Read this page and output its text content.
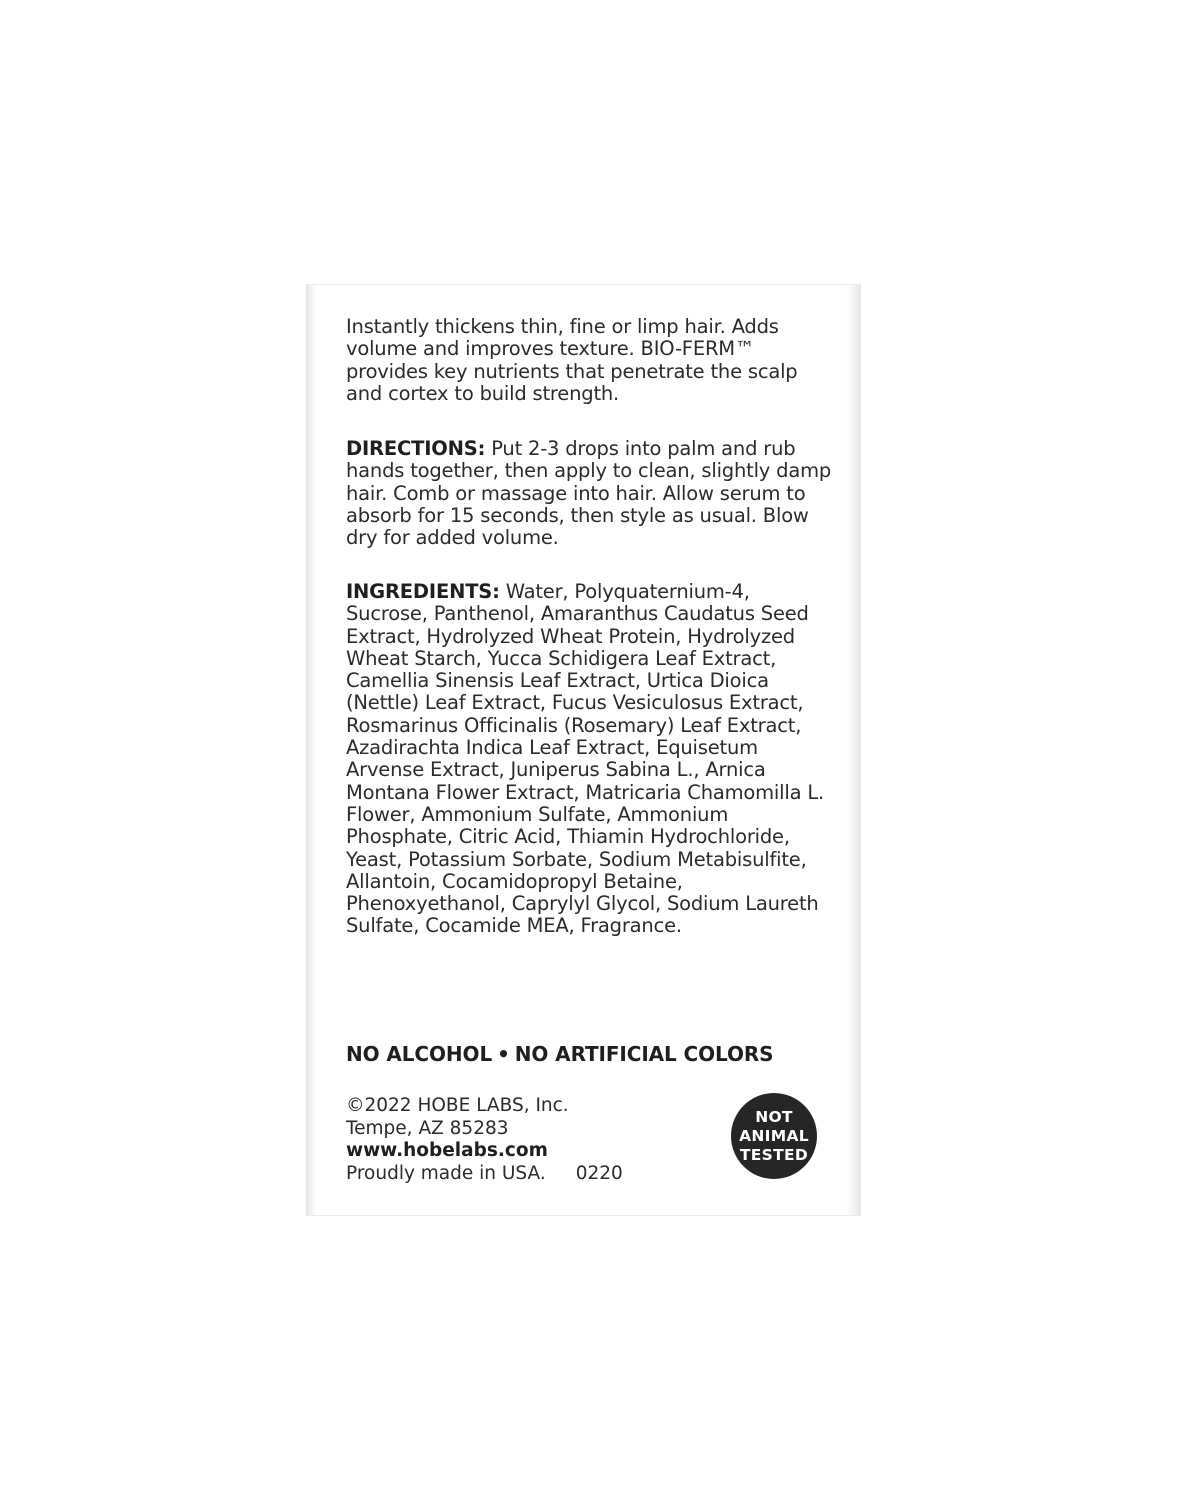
Instantly thickens thin, fine or limp hair. Adds volume and improves texture. BIO-FERM™ provides key nutrients that penetrate the scalp and cortex to build strength.

DIRECTIONS: Put 2-3 drops into palm and rub hands together, then apply to clean, slightly damp hair. Comb or massage into hair. Allow serum to absorb for 15 seconds, then style as usual. Blow dry for added volume.

INGREDIENTS: Water, Polyquaternium-4, Sucrose, Panthenol, Amaranthus Caudatus Seed Extract, Hydrolyzed Wheat Protein, Hydrolyzed Wheat Starch, Yucca Schidigera Leaf Extract, Camellia Sinensis Leaf Extract, Urtica Dioica (Nettle) Leaf Extract, Fucus Vesiculosus Extract, Rosmarinus Officinalis (Rosemary) Leaf Extract, Azadirachta Indica Leaf Extract, Equisetum Arvense Extract, Juniperus Sabina L., Arnica Montana Flower Extract, Matricaria Chamomilla L. Flower, Ammonium Sulfate, Ammonium Phosphate, Citric Acid, Thiamin Hydrochloride, Yeast, Potassium Sorbate, Sodium Metabisulfite, Allantoin, Cocamidopropyl Betaine, Phenoxyethanol, Caprylyl Glycol, Sodium Laureth Sulfate, Cocamide MEA, Fragrance.

NO ALCOHOL • NO ARTIFICIAL COLORS

©2022 HOBE LABS, Inc.
Tempe, AZ 85283
www.hobelabs.com
Proudly made in USA. 0220
NOT
ANIMAL
TESTED
